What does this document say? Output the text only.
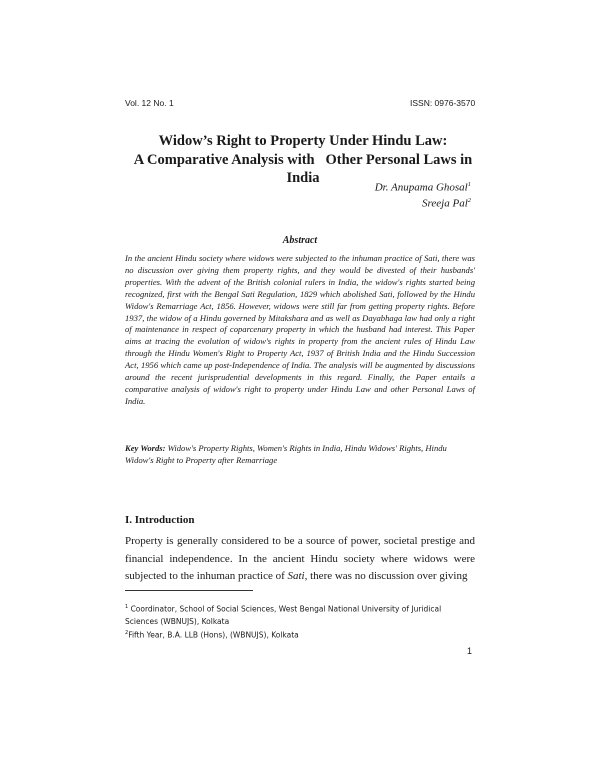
Vol. 12 No. 1	ISSN: 0976-3570
Widow’s Right to Property Under Hindu Law:
A Comparative Analysis with   Other Personal Laws in
India
Dr. Anupama Ghosal$^1$
Sreeja Pal$^2$
Abstract

In the ancient Hindu society where widows were subjected to the inhuman practice of Sati, there was no discussion over giving them property rights, and they would be divested of their husbands' properties. With the advent of the British colonial rulers in India, the widow's rights started being recognized, first with the Bengal Sati Regulation, 1829 which abolished Sati, followed by the Hindu Widow's Remarriage Act, 1856. However, widows were still far from getting property rights. Before 1937, the widow of a Hindu governed by Mitakshara and as well as Dayabhaga law had only a right of maintenance in respect of coparcenary property in which the husband had interest. This Paper aims at tracing the evolution of widow's rights in property from the ancient rules of Hindu Law through the Hindu Women's Right to Property Act, 1937 of British India and the Hindu Succession Act, 1956 which came up post-Independence of India. The analysis will be augmented by discussions around the recent jurisprudential developments in this regard. Finally, the Paper entails a comparative analysis of widow's right to property under Hindu Law and other Personal Laws of India.

Key Words: Widow's Property Rights, Women's Rights in India, Hindu Widows' Rights, Hindu Widow's Right to Property after Remarriage

I. Introduction

Property is generally considered to be a source of power, societal prestige and financial independence. In the ancient Hindu society where widows were subjected to the inhuman practice of Sati, there was no discussion over giving

$^1$ Coordinator, School of Social Sciences, West Bengal National University of Juridical Sciences (WBNUJS), Kolkata

$^2$Fifth Year, B.A. LLB (Hons), (WBNUJS), Kolkata

1
